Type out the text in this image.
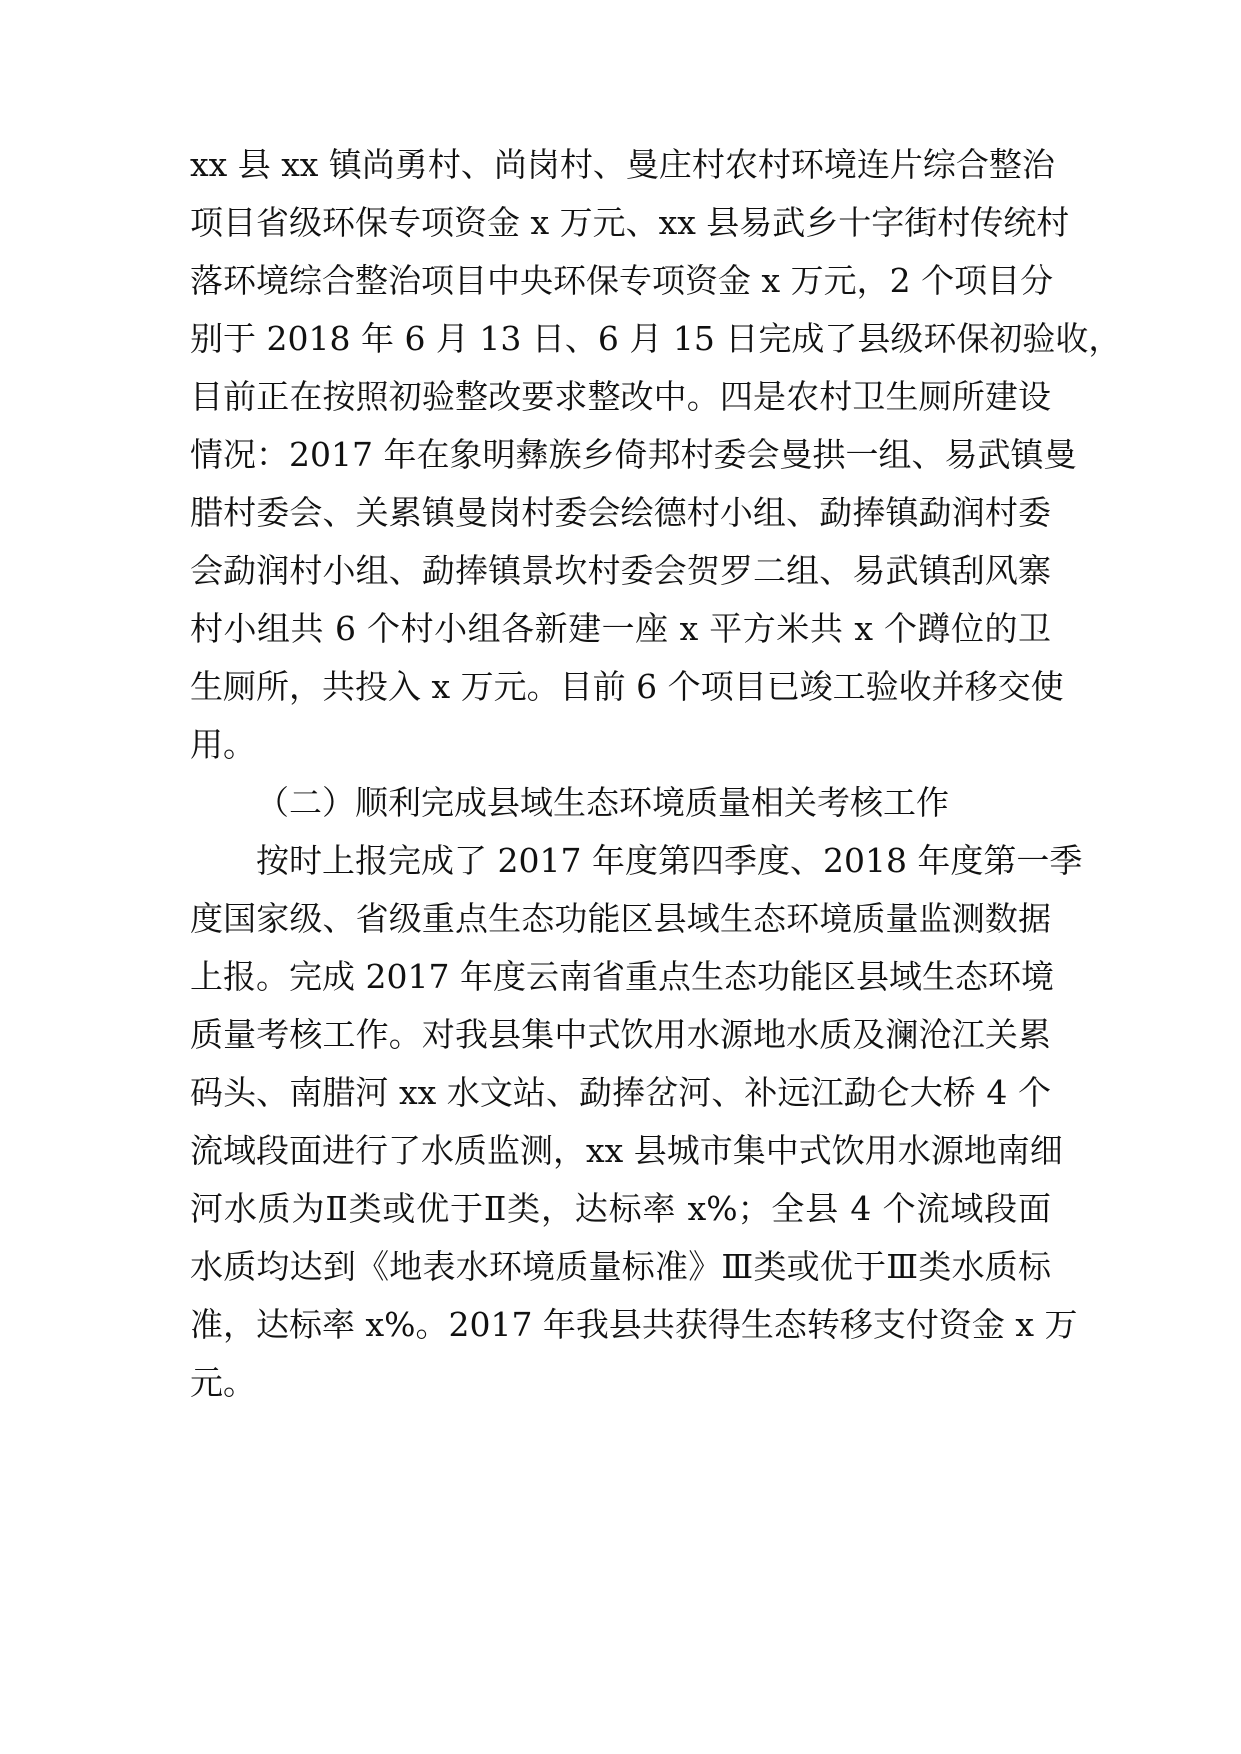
xx 县 xx 镇尚勇村、尚岗村、曼庄村农村环境连片综合整治

项目省级环保专项资金 x 万元、xx 县易武乡十字街村传统村

落环境综合整治项目中央环保专项资金 x 万元，2 个项目分

别于 2018 年 6 月 13 日、6 月 15 日完成了县级环保初验收，

目前正在按照初验整改要求整改中。四是农村卫生厕所建设

情况：2017 年在象明彝族乡倚邦村委会曼拱一组、易武镇曼

腊村委会、关累镇曼岗村委会绘德村小组、勐捧镇勐润村委

会勐润村小组、勐捧镇景坎村委会贺罗二组、易武镇刮风寨

村小组共 6 个村小组各新建一座 x 平方米共 x 个蹲位的卫

生厕所，共投入 x 万元。目前 6 个项目已竣工验收并移交使

用。

（二）顺利完成县域生态环境质量相关考核工作

按时上报完成了 2017 年度第四季度、2018 年度第一季

度国家级、省级重点生态功能区县域生态环境质量监测数据

上报。完成 2017 年度云南省重点生态功能区县域生态环境

质量考核工作。对我县集中式饮用水源地水质及澜沧江关累

码头、南腊河 xx 水文站、勐捧岔河、补远江勐仑大桥 4 个

流域段面进行了水质监测，xx 县城市集中式饮用水源地南细

河水质为Ⅱ类或优于Ⅱ类，达标率 x%；全县 4 个流域段面

水质均达到《地表水环境质量标准》Ⅲ类或优于Ⅲ类水质标

准，达标率 x%。2017 年我县共获得生态转移支付资金 x 万

元。
